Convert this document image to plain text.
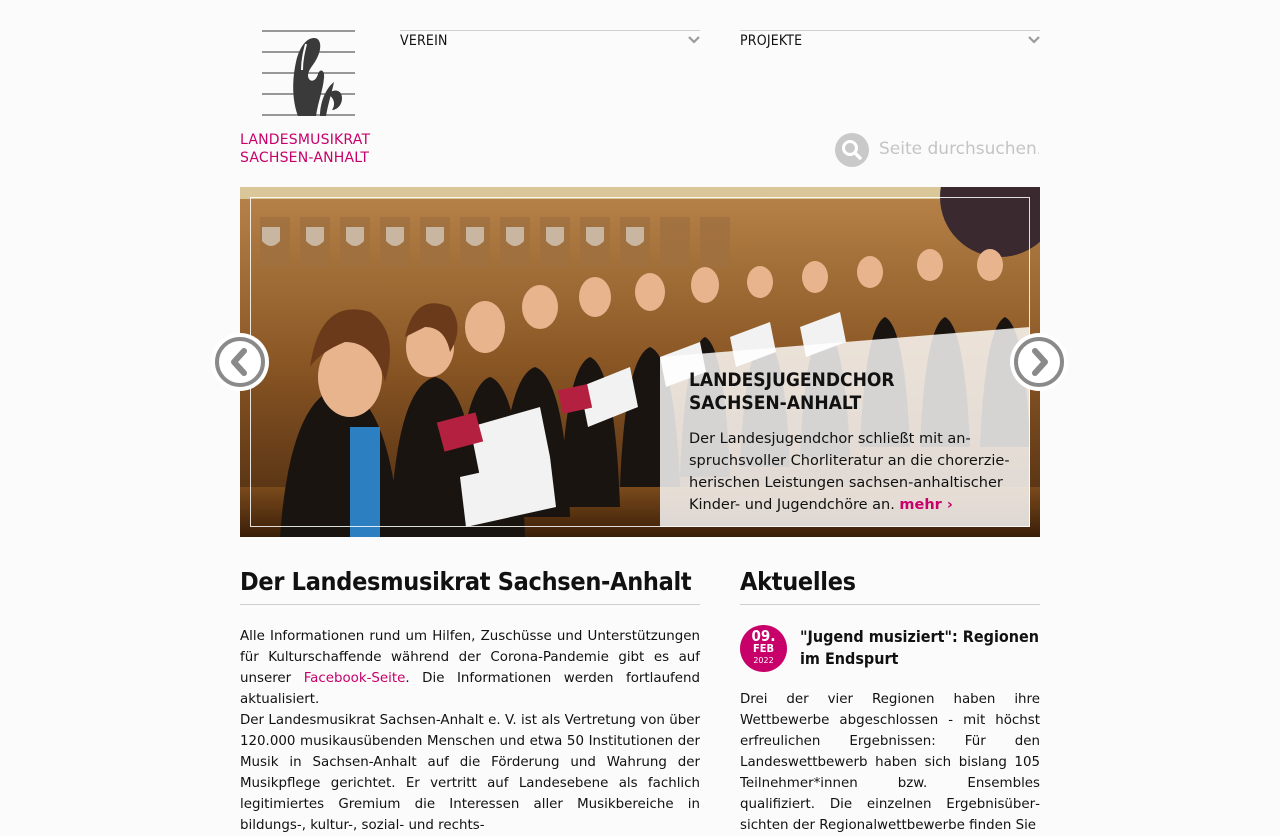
LANDESMUSIKRAT
SACHSEN-ANHALT
VEREIN	PROJEKTE
Seite durchsuchen...
LANDESJUGENDCHOR
SACHSEN-ANHALT
Der Landesjugendchor schließt mit anspruchsvoller Chorliteratur an die chorerzieherischen Leistungen sachsen-anhaltischer Kinder- und Jugendchöre an. mehr ›
Der Landesmusikrat Sachsen-Anhalt
Alle Informationen rund um Hilfen, Zuschüsse und Unterstützungen für Kulturschaffende während der Corona-Pandemie gibt es auf unserer Facebook-Seite. Die Informationen werden fortlaufend aktualisiert.
Der Landesmusikrat Sachsen-Anhalt e. V. ist als Vertretung von über 120.000 musikausübenden Menschen und etwa 50 Institutionen der Musik in Sachsen-Anhalt auf die Förderung und Wahrung der Musikpflege gerichtet. Er vertritt auf Landesebene als fachlich legitimiertes Gremium die Interessen aller Musikbereiche in bildungs-, kultur-, sozial- und rechts-
Aktuelles
09.
FEB
2022
"Jugend musiziert": Regionen im Endspurt
Drei der vier Regionen haben ihre Wettbewerbe abgeschlossen - mit höchst erfreulichen Ergebnissen: Für den Landeswettbewerb haben sich bislang 105 Teilnehmer*innen bzw. Ensembles qualifiziert. Die einzelnen Ergebnisübersichten der Regionalwettbewerbe finden Sie
